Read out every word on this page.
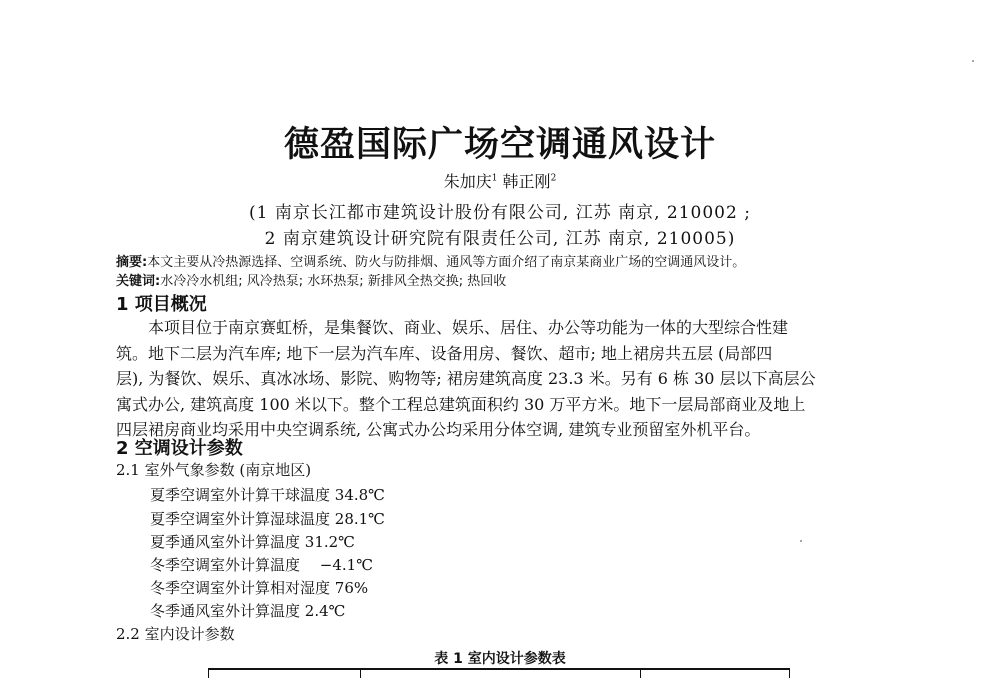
德盈国际广场空调通风设计
朱加庆$^1$ 韩正刚$^2$
(1 南京长江都市建筑设计股份有限公司, 江苏 南京, 210002 ;
2 南京建筑设计研究院有限责任公司, 江苏 南京, 210005)
摘要:本文主要从冷热源选择、空调系统、防火与防排烟、通风等方面介绍了南京某商业广场的空调通风设计。
关键词:水冷冷水机组; 风冷热泵; 水环热泵; 新排风全热交换; 热回收
1 项目概况
本项目位于南京赛虹桥，是集餐饮、商业、娱乐、居住、办公等功能为一体的大型综合性建
筑。地下二层为汽车库; 地下一层为汽车库、设备用房、餐饮、超市; 地上裙房共五层 (局部四
层), 为餐饮、娱乐、真冰冰场、影院、购物等; 裙房建筑高度 23.3 米。另有 6 栋 30 层以下高层公
寓式办公, 建筑高度 100 米以下。整个工程总建筑面积约 30 万平方米。地下一层局部商业及地上
四层裙房商业均采用中央空调系统, 公寓式办公均采用分体空调, 建筑专业预留室外机平台。
2 空调设计参数
2.1 室外气象参数 (南京地区)
夏季空调室外计算干球温度 34.8℃
夏季空调室外计算湿球温度 28.1℃
夏季通风室外计算温度 31.2℃
冬季空调室外计算温度　 −4.1℃
冬季空调室外计算相对湿度 76%
冬季通风室外计算温度 2.4℃
2.2 室内设计参数
表 1 室内设计参数表
